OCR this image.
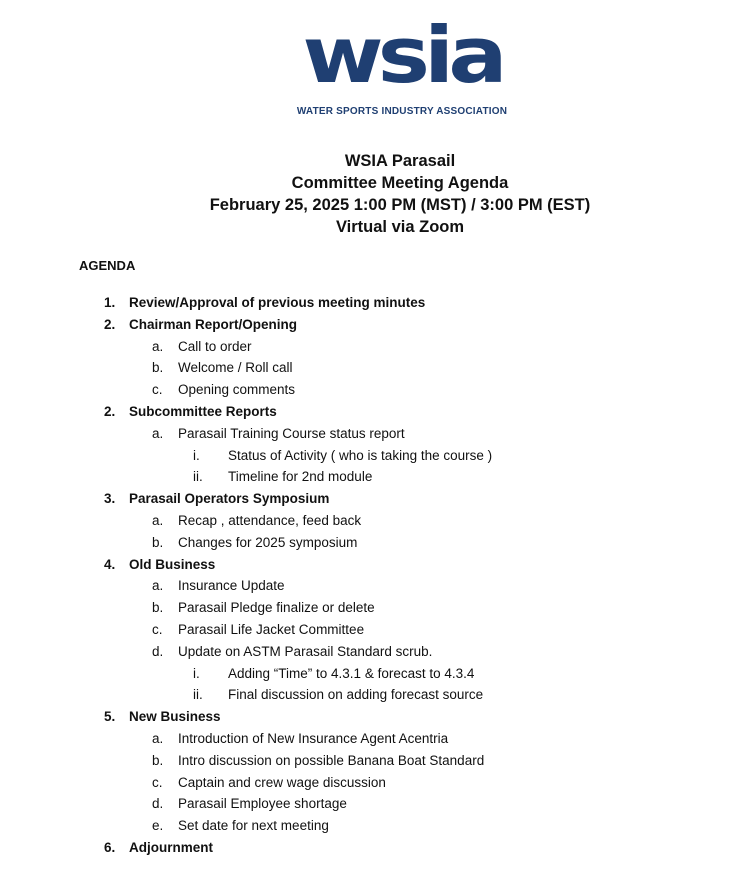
wsia
WATER SPORTS INDUSTRY ASSOCIATION
WSIA Parasail
Committee Meeting Agenda
February 25, 2025 1:00 PM (MST) / 3:00 PM (EST)
Virtual via Zoom
AGENDA
1. Review/Approval of previous meeting minutes
2. Chairman Report/Opening
a. Call to order
b. Welcome / Roll call
c. Opening comments
2. Subcommittee Reports
a. Parasail Training Course status report
i. Status of Activity ( who is taking the course )
ii. Timeline for 2nd module
3. Parasail Operators Symposium
a. Recap , attendance, feed back
b. Changes for 2025 symposium
4. Old Business
a. Insurance Update
b. Parasail Pledge finalize or delete
c. Parasail Life Jacket Committee
d. Update on ASTM Parasail Standard scrub.
i. Adding “Time” to 4.3.1 & forecast to 4.3.4
ii. Final discussion on adding forecast source
5. New Business
a. Introduction of New Insurance Agent Acentria
b. Intro discussion on possible Banana Boat Standard
c. Captain and crew wage discussion
d. Parasail Employee shortage
e. Set date for next meeting
6. Adjournment
